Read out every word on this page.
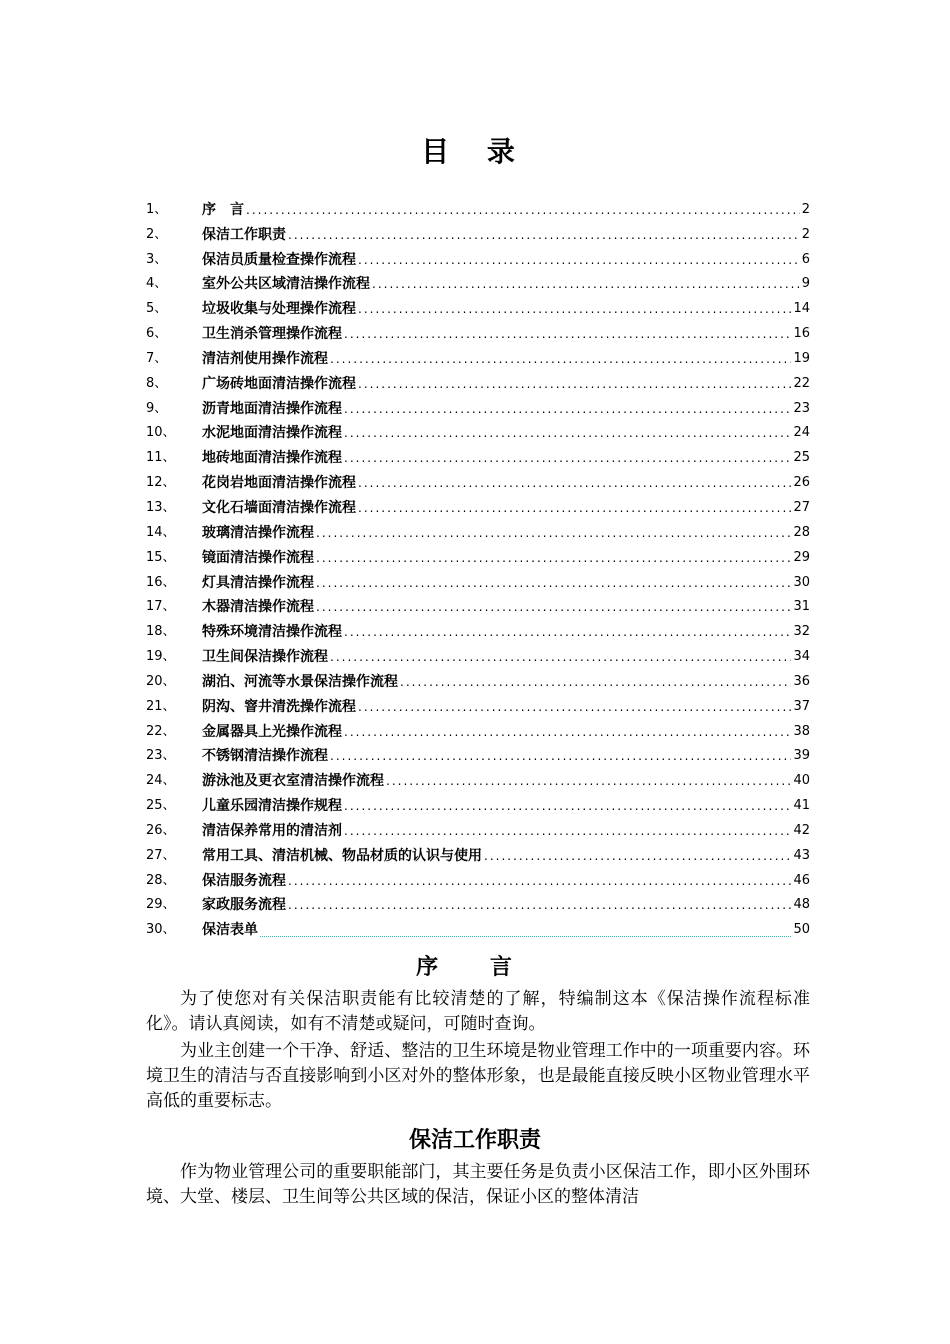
目 录
1、	序　言 .....	2
2、	保洁工作职责 .....	2
3、	保洁员质量检查操作流程 .....	6
4、	室外公共区域清洁操作流程 .....	9
5、	垃圾收集与处理操作流程 .....	14
6、	卫生消杀管理操作流程 .....	16
7、	清洁剂使用操作流程 .....	19
8、	广场砖地面清洁操作流程 .....	22
9、	沥青地面清洁操作流程 .....	23
10、	水泥地面清洁操作流程 .....	24
11、	地砖地面清洁操作流程 .....	25
12、	花岗岩地面清洁操作流程 .....	26
13、	文化石墙面清洁操作流程 .....	27
14、	玻璃清洁操作流程 .....	28
15、	镜面清洁操作流程 .....	29
16、	灯具清洁操作流程 .....	30
17、	木器清洁操作流程 .....	31
18、	特殊环境清洁操作流程 .....	32
19、	卫生间保洁操作流程 .....	34
20、	湖泊、河流等水景保洁操作流程 .....	36
21、	阴沟、窨井清洗操作流程 .....	37
22、	金属器具上光操作流程 .....	38
23、	不锈钢清洁操作流程 .....	39
24、	游泳池及更衣室清洁操作流程 .....	40
25、	儿童乐园清洁操作规程 .....	41
26、	清洁保养常用的清洁剂 .....	42
27、	常用工具、清洁机械、物品材质的认识与使用 .....	43
28、	保洁服务流程 .....	46
29、	家政服务流程 .....	48
30、	保洁表单	50
序 言

为了使您对有关保洁职责能有比较清楚的了解，特编制这本《保洁操作流程标准化》。请认真阅读，如有不清楚或疑问，可随时查询。

为业主创建一个干净、舒适、整洁的卫生环境是物业管理工作中的一项重要内容。环境卫生的清洁与否直接影响到小区对外的整体形象，也是最能直接反映小区物业管理水平高低的重要标志。

保洁工作职责

作为物业管理公司的重要职能部门，其主要任务是负责小区保洁工作，即小区外围环境、大堂、楼层、卫生间等公共区域的保洁，保证小区的整体清洁
